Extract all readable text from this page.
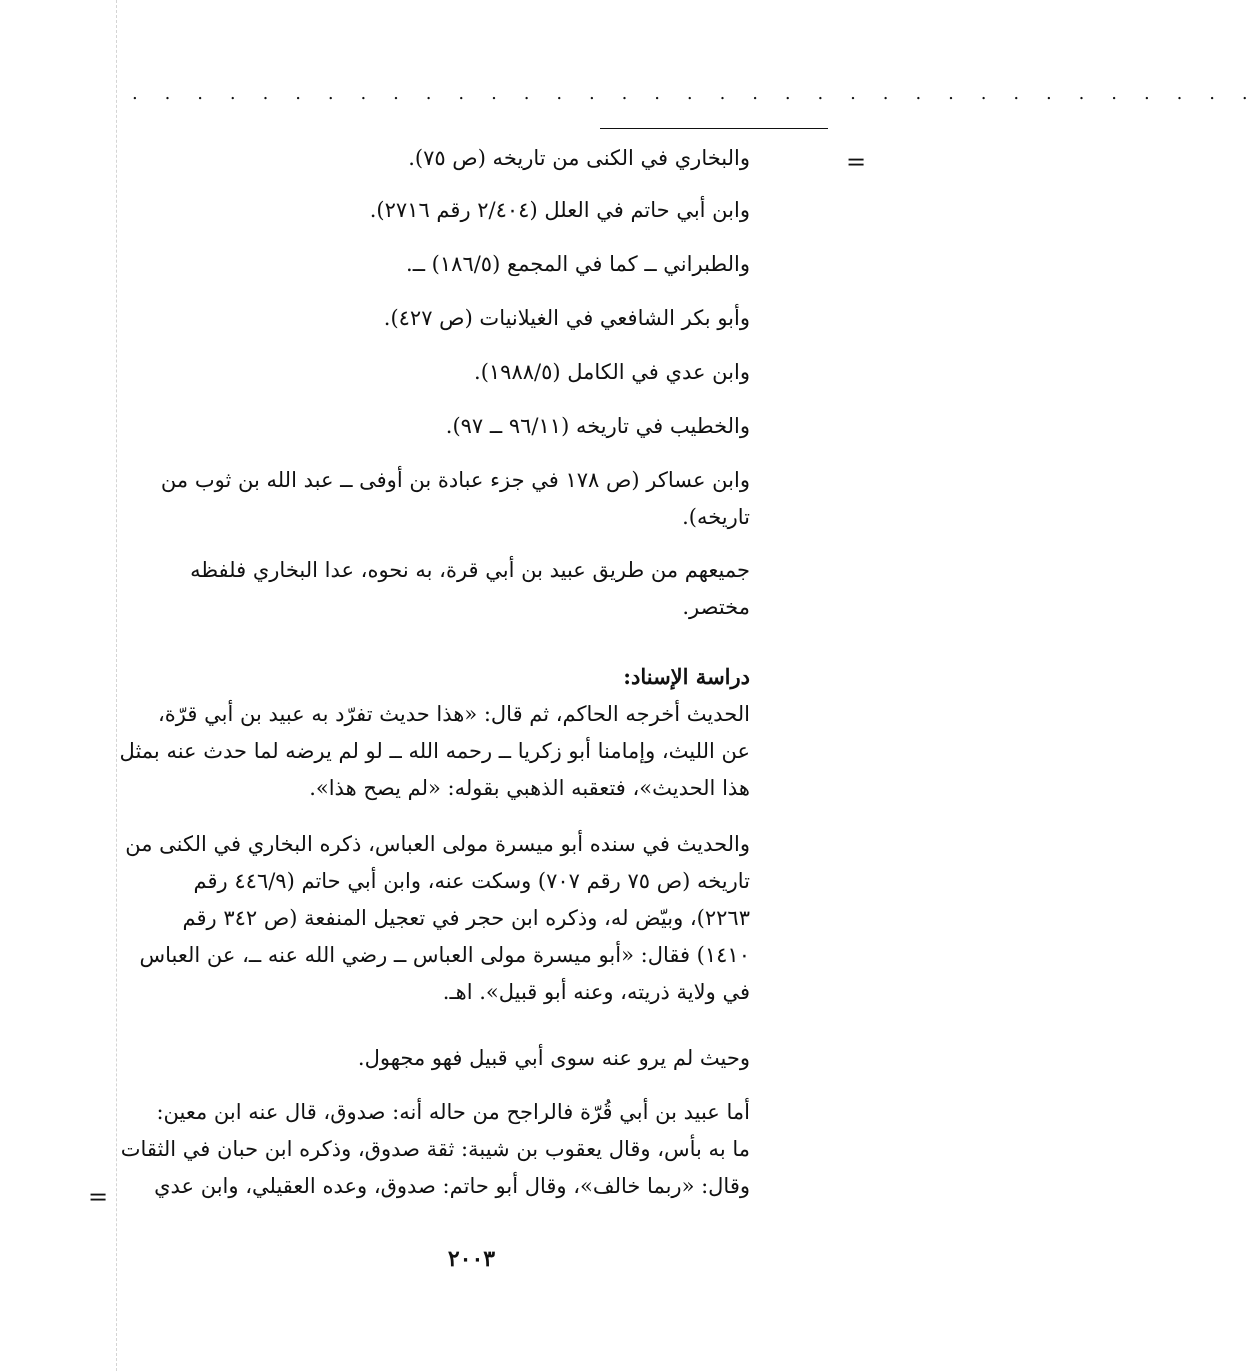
. . . . . . . . . . . . . . . . . . . . . . . . . . . . . . . . . . .
=
=
والبخاري في الكنى من تاريخه (ص ٧٥).
وابن أبي حاتم في العلل (٢/٤٠٤ رقم ٢٧١٦).
والطبراني ــ كما في المجمع (١٨٦/٥) ــ.
وأبو بكر الشافعي في الغيلانيات (ص ٤٢٧).
وابن عدي في الكامل (١٩٨٨/٥).
والخطيب في تاريخه (٩٦/١١ ــ ٩٧).
وابن عساكر (ص ١٧٨ في جزء عبادة بن أوفى ــ عبد الله بن ثوب من
تاريخه).
جميعهم من طريق عبيد بن أبي قرة، به نحوه، عدا البخاري فلفظه
مختصر.
دراسة الإسناد:
الحديث أخرجه الحاكم، ثم قال: «هذا حديث تفرّد به عبيد بن أبي قرّة،
عن الليث، وإمامنا أبو زكريا ــ رحمه الله ــ لو لم يرضه لما حدث عنه بمثل
هذا الحديث»، فتعقبه الذهبي بقوله: «لم يصح هذا».
والحديث في سنده أبو ميسرة مولى العباس، ذكره البخاري في الكنى من
تاريخه (ص ٧٥ رقم ٧٠٧) وسكت عنه، وابن أبي حاتم (٤٤٦/٩ رقم
٢٢٦٣)، وبيّض له، وذكره ابن حجر في تعجيل المنفعة (ص ٣٤٢ رقم
١٤١٠) فقال: «أبو ميسرة مولى العباس ــ رضي الله عنه ــ، عن العباس
في ولاية ذريته، وعنه أبو قبيل». اهـ.
وحيث لم يرو عنه سوى أبي قبيل فهو مجهول.
أما عبيد بن أبي قُرّة فالراجح من حاله أنه: صدوق، قال عنه ابن معين:
ما به بأس، وقال يعقوب بن شيبة: ثقة صدوق، وذكره ابن حبان في الثقات
وقال: «ربما خالف»، وقال أبو حاتم: صدوق، وعده العقيلي، وابن عدي
٢٠٠٣
